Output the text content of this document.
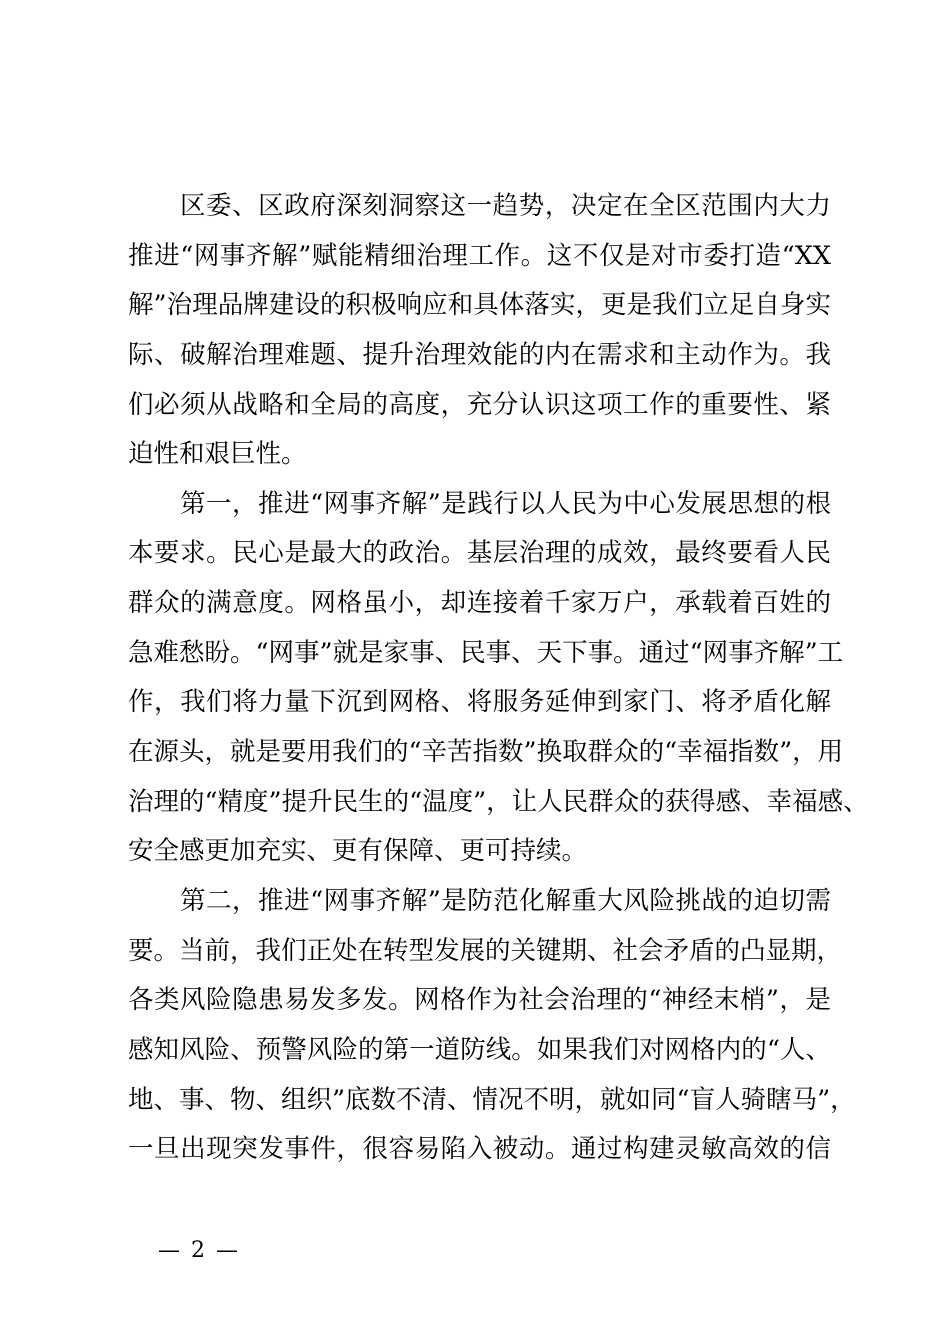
区委、区政府深刻洞察这一趋势，决定在全区范围内大力
推进“网事齐解”赋能精细治理工作。这不仅是对市委打造“XX
解”治理品牌建设的积极响应和具体落实，更是我们立足自身实
际、破解治理难题、提升治理效能的内在需求和主动作为。我
们必须从战略和全局的高度，充分认识这项工作的重要性、紧
迫性和艰巨性。
第一，推进“网事齐解”是践行以人民为中心发展思想的根
本要求。民心是最大的政治。基层治理的成效，最终要看人民
群众的满意度。网格虽小，却连接着千家万户，承载着百姓的
急难愁盼。“网事”就是家事、民事、天下事。通过“网事齐解”工
作，我们将力量下沉到网格、将服务延伸到家门、将矛盾化解
在源头，就是要用我们的“辛苦指数”换取群众的“幸福指数”，用
治理的“精度”提升民生的“温度”，让人民群众的获得感、幸福感、
安全感更加充实、更有保障、更可持续。
第二，推进“网事齐解”是防范化解重大风险挑战的迫切需
要。当前，我们正处在转型发展的关键期、社会矛盾的凸显期，
各类风险隐患易发多发。网格作为社会治理的“神经末梢”，是
感知风险、预警风险的第一道防线。如果我们对网格内的“人、
地、事、物、组织”底数不清、情况不明，就如同“盲人骑瞎马”，
一旦出现突发事件，很容易陷入被动。通过构建灵敏高效的信
— 2 —
